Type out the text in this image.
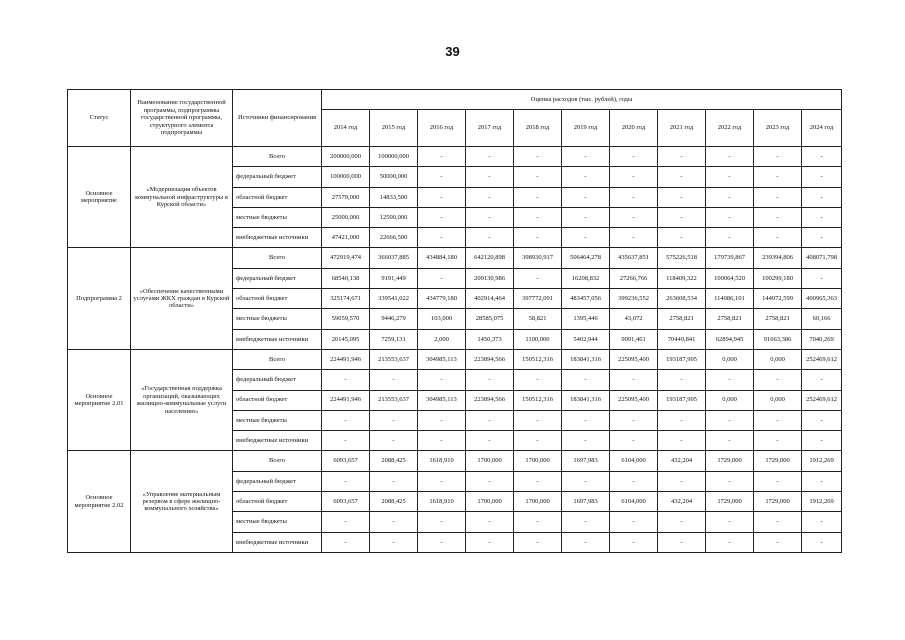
39
Статус	Наименование государственной программы, подпрограммы государственной программы, структурного элемента подпрограммы	Источники финансирования	Оценка расходов (тыс. рублей), годы										
			2014 год	2015 год	2016 год	2017 год	2018 год	2019 год	2020 год	2021 год	2022 год	2023 год	2024 год
Основное мероприятие	«Модернизация объектов коммунальной инфраструктуры в Курской области»	Всего	200000,000	100000,000	-	-	-	-	-	-	-	-	-
		федеральный бюджет	100000,000	50000,000	-	-	-	-	-	-	-	-	-
		областной бюджет	27579,000	14833,500	-	-	-	-	-	-	-	-	-
		местные бюджеты	25000,000	12500,000	-	-	-	-	-	-	-	-	-
		внебюджетные источники	47421,000	22666,500	-	-	-	-	-	-	-	-	-
Подпрограмма 2	«Обеспечение качественными услугами ЖКХ граждан в Курской области»	Всего	472919,474	366037,885	434884,180	642120,898	398930,917	506464,278	435637,851	575226,518	179739,867	239394,806	408071,798
		федеральный бюджет	68540,138	9191,449	-	209130,986	-	16208,832	27266,766	118409,322	100064,520	100299,180	-
		областной бюджет	325174,671	339541,022	434779,180	402914,464	397772,091	483457,056	399236,552	263608,534	114086,101	144972,599	400965,363
		местные бюджеты	59059,570	9446,279	103,000	28585,075	58,821	1395,446	43,072	2758,821	2758,821	2758,821	60,166
		внебюджетные источники	20145,095	7259,131	2,000	1450,373	1100,000	5402,944	9091,461	70449,841	62894,945	91663,386	7040,269
Основное мероприятие 2.01	«Государственная поддержка организаций, оказывающих жилищно-коммунальные услуги населению»	Всего	224491,946	213553,637	304985,113	223894,566	150512,316	183841,316	225095,400	193187,995	0,000	0,000	252469,612
		федеральный бюджет	-	-	-	-	-	-	-	-	-	-	-
		областной бюджет	224491,946	213553,637	304985,113	223894,566	150512,316	183841,316	225095,400	193187,995	0,000	0,000	252469,612
		местные бюджеты	-	-	-	-	-	-	-	-	-	-	-
		внебюджетные источники	-	-	-	-	-	-	-	-	-	-	-
Основное мероприятие 2.02	«Управление материальным резервом в сфере жилищно-коммунального хозяйства»	Всего	6093,657	2088,425	1618,910	1700,000	1700,000	1697,983	6104,000	432,204	1729,000	1729,000	1912,269
		федеральный бюджет	-	-	-	-	-	-	-	-	-	-	-
		областной бюджет	6093,657	2088,425	1618,910	1700,000	1700,000	1697,983	6104,000	432,204	1729,000	1729,000	1912,269
		местные бюджеты	-	-	-	-	-	-	-	-	-	-	-
		внебюджетные источники	-	-	-	-	-	-	-	-	-	-	-
